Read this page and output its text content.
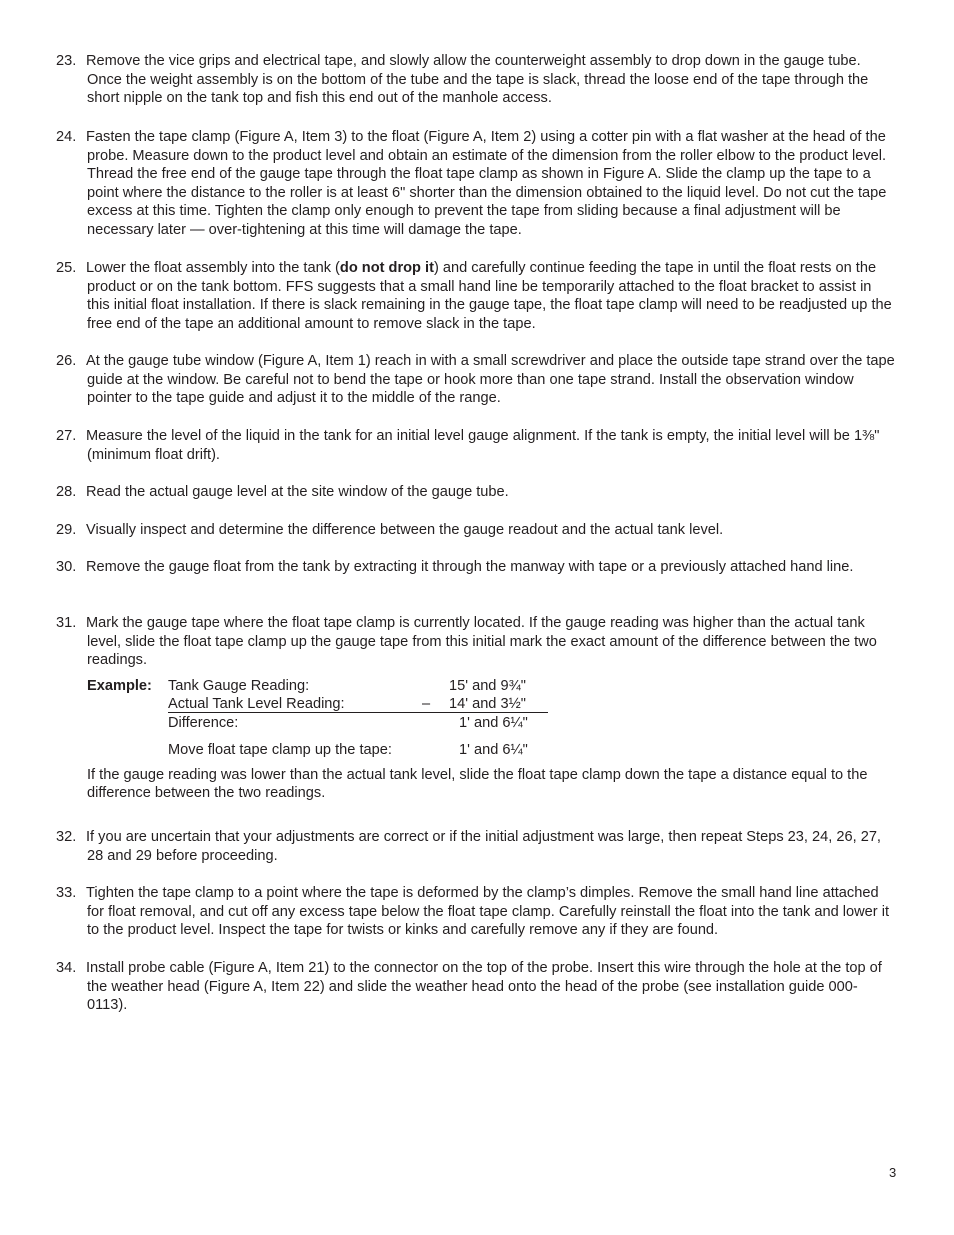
23. Remove the vice grips and electrical tape, and slowly allow the counterweight assembly to drop down in the gauge tube. Once the weight assembly is on the bottom of the tube and the tape is slack, thread the loose end of the tape through the short nipple on the tank top and fish this end out of the manhole access.
24. Fasten the tape clamp (Figure A, Item 3) to the float (Figure A, Item 2) using a cotter pin with a flat washer at the head of the probe. Measure down to the product level and obtain an estimate of the dimension from the roller elbow to the product level. Thread the free end of the gauge tape through the float tape clamp as shown in Figure A. Slide the clamp up the tape to a point where the distance to the roller is at least 6" shorter than the dimension obtained to the liquid level. Do not cut the tape excess at this time. Tighten the clamp only enough to prevent the tape from sliding because a final adjustment will be necessary later — over-tightening at this time will damage the tape.
25. Lower the float assembly into the tank (do not drop it) and carefully continue feeding the tape in until the float rests on the product or on the tank bottom. FFS suggests that a small hand line be temporarily attached to the float bracket to assist in this initial float installation. If there is slack remaining in the gauge tape, the float tape clamp will need to be readjusted up the free end of the tape an additional amount to remove slack in the tape.
26. At the gauge tube window (Figure A, Item 1) reach in with a small screwdriver and place the outside tape strand over the tape guide at the window. Be careful not to bend the tape or hook more than one tape strand. Install the observation window pointer to the tape guide and adjust it to the middle of the range.
27. Measure the level of the liquid in the tank for an initial level gauge alignment. If the tank is empty, the initial level will be 1⅜" (minimum float drift).
28. Read the actual gauge level at the site window of the gauge tube.
29. Visually inspect and determine the difference between the gauge readout and the actual tank level.
30. Remove the gauge float from the tank by extracting it through the manway with tape or a previously attached hand line.
31. Mark the gauge tape where the float tape clamp is currently located. If the gauge reading was higher than the actual tank level, slide the float tape clamp up the gauge tape from this initial mark the exact amount of the difference between the two readings.
Example: Tank Gauge Reading:	15' and 9¾"
Actual Tank Level Reading:	– 14' and 3½"
Difference:	1' and 6¼"
Move float tape clamp up the tape:	1' and 6¼"
If the gauge reading was lower than the actual tank level, slide the float tape clamp down the tape a distance equal to the difference between the two readings.
32. If you are uncertain that your adjustments are correct or if the initial adjustment was large, then repeat Steps 23, 24, 26, 27, 28 and 29 before proceeding.
33. Tighten the tape clamp to a point where the tape is deformed by the clamp’s dimples. Remove the small hand line attached for float removal, and cut off any excess tape below the float tape clamp. Carefully reinstall the float into the tank and lower it to the product level. Inspect the tape for twists or kinks and carefully remove any if they are found.
34. Install probe cable (Figure A, Item 21) to the connector on the top of the probe. Insert this wire through the hole at the top of the weather head (Figure A, Item 22) and slide the weather head onto the head of the probe (see installation guide 000-0113).
3
